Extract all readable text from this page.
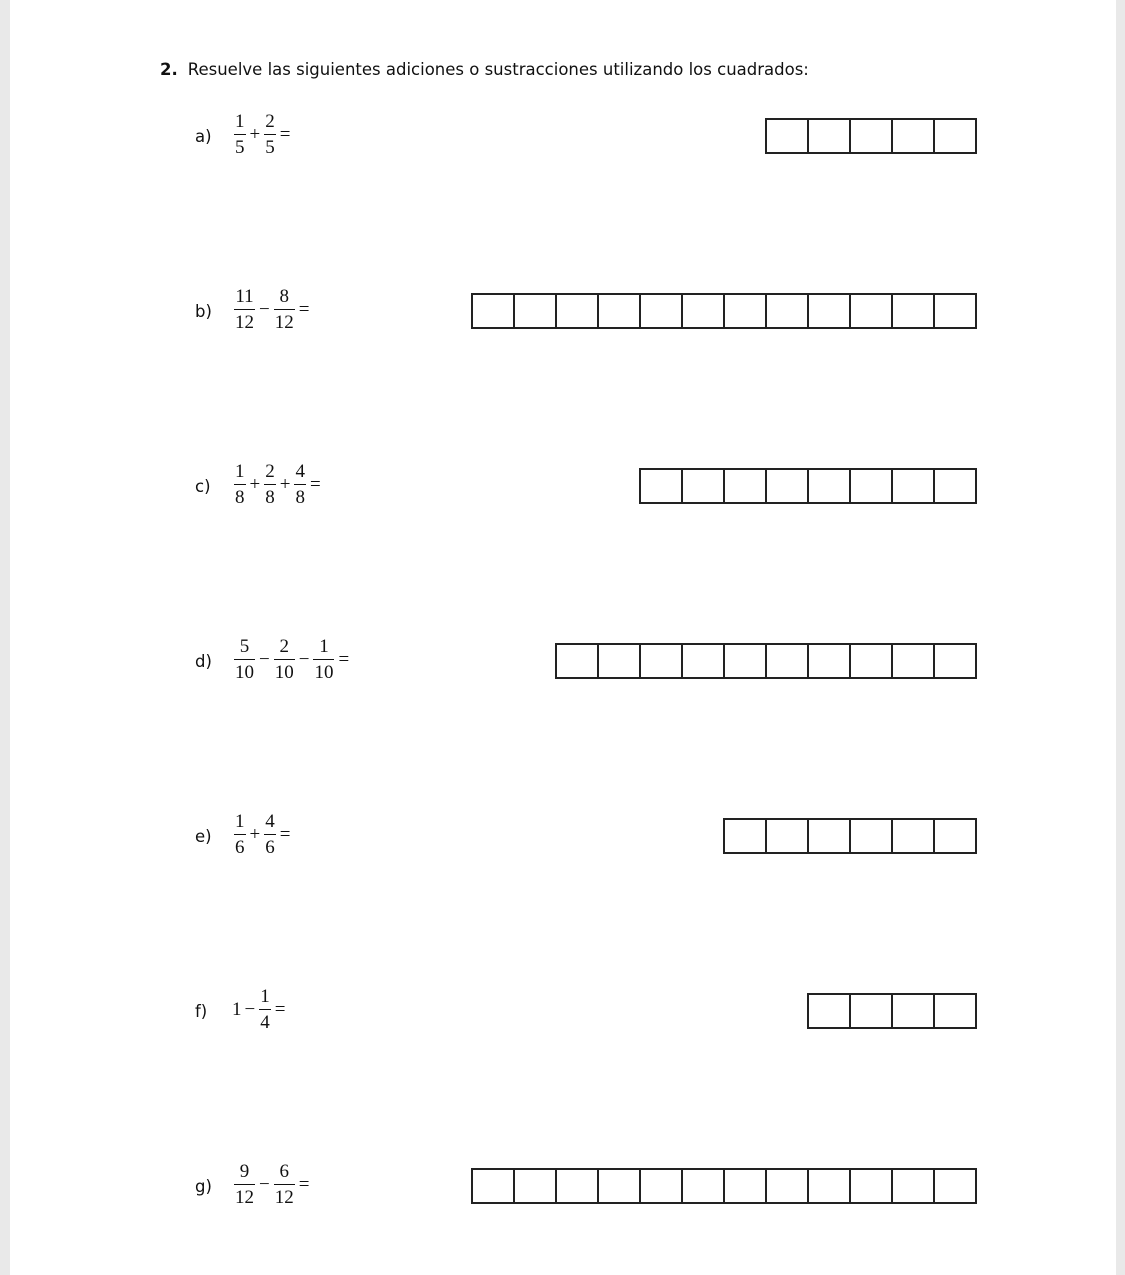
2. Resuelve las siguientes adiciones o sustracciones utilizando los cuadrados:
$a) \frac{1}{5} + \frac{2}{5}$ =
$b) \frac{11}{12} - \frac{8}{12}$ =
$c) \frac{1}{8} + \frac{2}{8} + \frac{4}{8}$ =
$d) \frac{5}{10} - \frac{2}{10} - \frac{1}{10}$ =
$e) \frac{1}{6} + \frac{4}{6}$ =
f) $1 - \frac{1}{4}$ =
$g) \frac{9}{12} - \frac{6}{12}$ =
